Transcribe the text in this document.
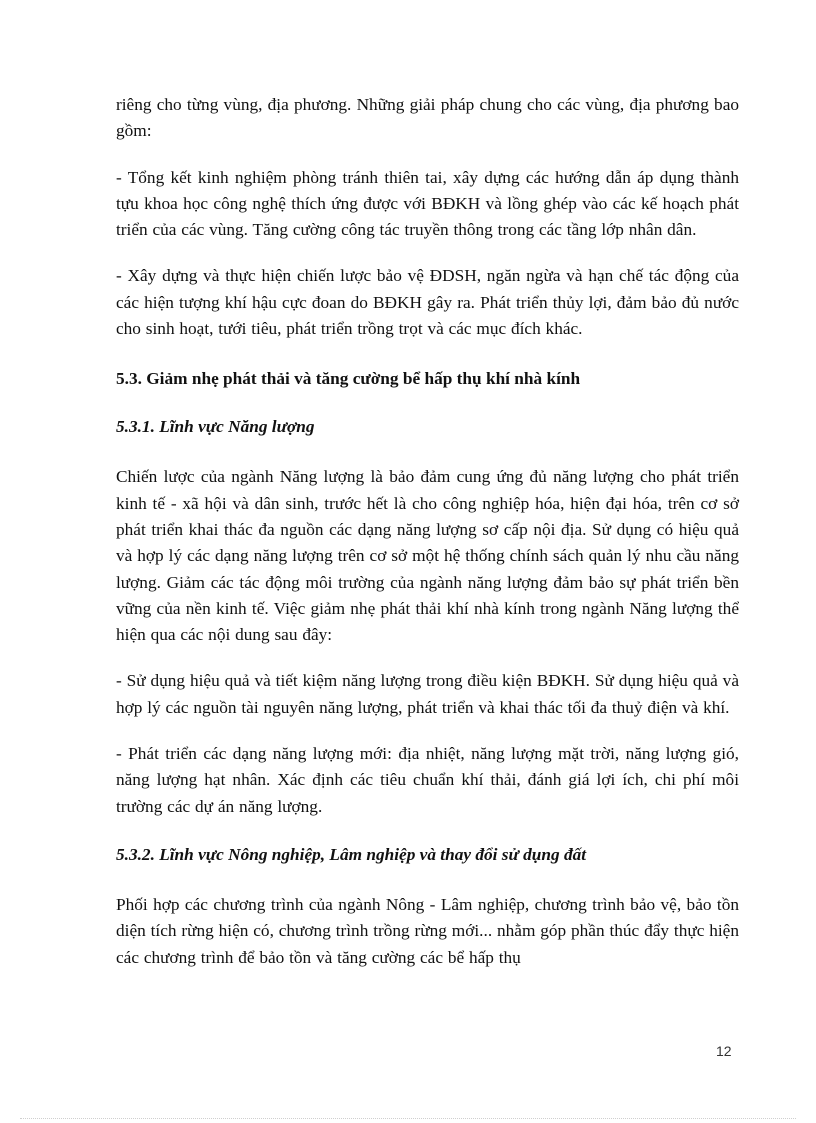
riêng cho từng vùng, địa phương. Những giải pháp chung cho các vùng, địa phương bao gồm:

- Tổng kết kinh nghiệm phòng tránh thiên tai, xây dựng các hướng dẫn áp dụng thành tựu khoa học công nghệ thích ứng được với BĐKH và lồng ghép vào các kế hoạch phát triển của các vùng. Tăng cường công tác truyền thông trong các tầng lớp nhân dân.

- Xây dựng và thực hiện chiến lược bảo vệ ĐDSH, ngăn ngừa và hạn chế tác động của các hiện tượng khí hậu cực đoan do BĐKH gây ra. Phát triển thủy lợi, đảm bảo đủ nước cho sinh hoạt, tưới tiêu, phát triển trồng trọt và các mục đích khác.

5.3. Giảm nhẹ phát thải và tăng cường bể hấp thụ khí nhà kính

5.3.1. Lĩnh vực Năng lượng

Chiến lược của ngành Năng lượng là bảo đảm cung ứng đủ năng lượng cho phát triển kinh tế - xã hội và dân sinh, trước hết là cho công nghiệp hóa, hiện đại hóa, trên cơ sở phát triển khai thác đa nguồn các dạng năng lượng sơ cấp nội địa. Sử dụng có hiệu quả và hợp lý các dạng năng lượng trên cơ sở một hệ thống chính sách quản lý nhu cầu năng lượng. Giảm các tác động môi trường của ngành năng lượng đảm bảo sự phát triển bền vững của nền kinh tế. Việc giảm nhẹ phát thải khí nhà kính trong ngành Năng lượng thể hiện qua các nội dung sau đây:

- Sử dụng hiệu quả và tiết kiệm năng lượng trong điều kiện BĐKH. Sử dụng hiệu quả và hợp lý các nguồn tài nguyên năng lượng, phát triển và khai thác tối đa thuỷ điện và khí.

- Phát triển các dạng năng lượng mới: địa nhiệt, năng lượng mặt trời, năng lượng gió, năng lượng hạt nhân. Xác định các tiêu chuẩn khí thải, đánh giá lợi ích, chi phí môi trường các dự án năng lượng.

5.3.2. Lĩnh vực Nông nghiệp, Lâm nghiệp và thay đổi sử dụng đất

Phối hợp các chương trình của ngành Nông - Lâm nghiệp, chương trình bảo vệ, bảo tồn diện tích rừng hiện có, chương trình trồng rừng mới... nhằm góp phần thúc đẩy thực hiện các chương trình để bảo tồn và tăng cường các bể hấp thụ

12
